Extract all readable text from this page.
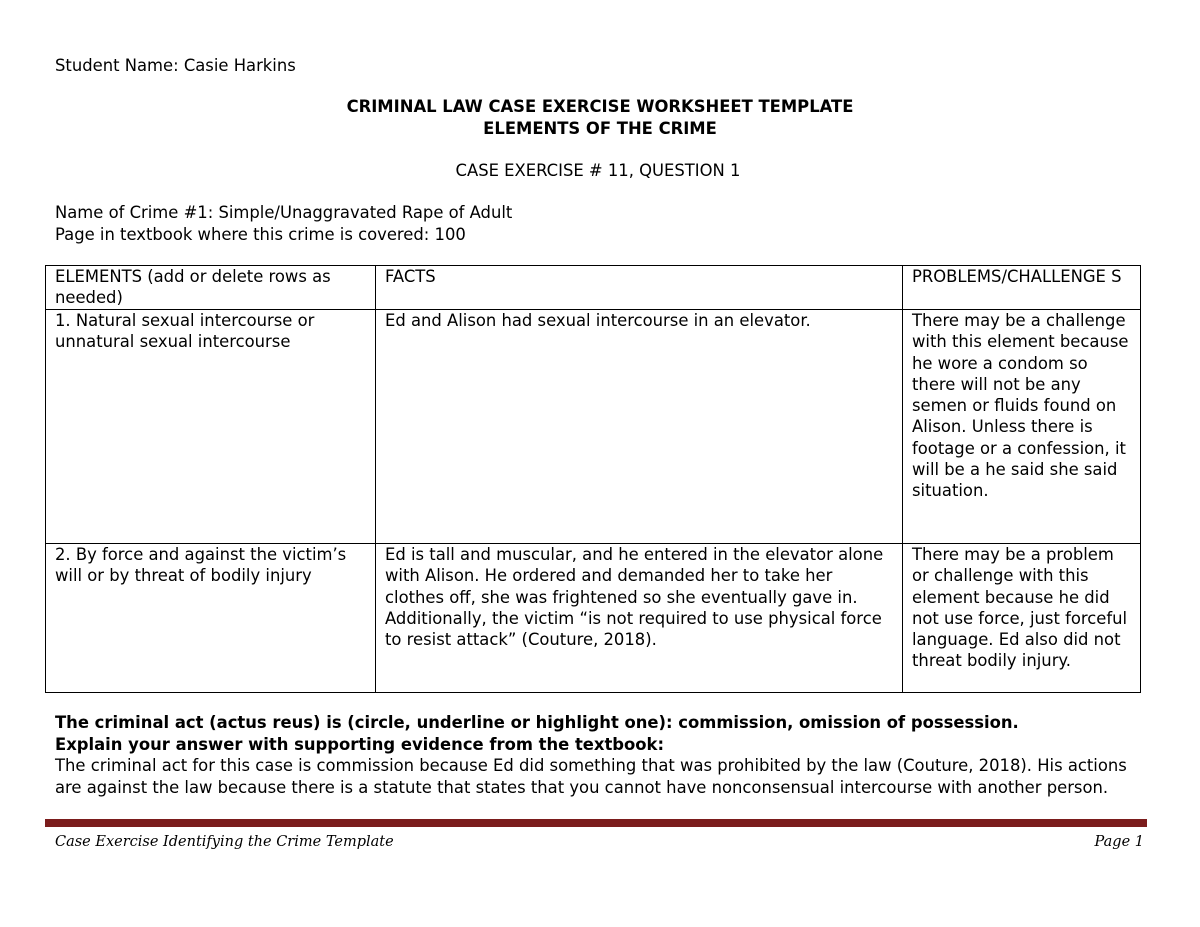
Student Name: Casie Harkins
CRIMINAL LAW CASE EXERCISE WORKSHEET TEMPLATE
ELEMENTS OF THE CRIME
CASE EXERCISE # 11, QUESTION 1
Name of Crime #1: Simple/Unaggravated Rape of Adult
Page in textbook where this crime is covered: 100
ELEMENTS (add or delete rows as needed)	FACTS	PROBLEMS/CHALLENGE S
1. Natural sexual intercourse or unnatural sexual intercourse	Ed and Alison had sexual intercourse in an elevator.	There may be a challenge with this element because he wore a condom so there will not be any semen or fluids found on Alison. Unless there is footage or a confession, it will be a he said she said situation.
2. By force and against the victim’s will or by threat of bodily injury	Ed is tall and muscular, and he entered in the elevator alone with Alison. He ordered and demanded her to take her clothes off, she was frightened so she eventually gave in. Additionally, the victim “is not required to use physical force to resist attack” (Couture, 2018).	There may be a problem or challenge with this element because he did not use force, just forceful language. Ed also did not threat bodily injury.
The criminal act (actus reus) is (circle, underline or highlight one): commission, omission of possession.
Explain your answer with supporting evidence from the textbook:
The criminal act for this case is commission because Ed did something that was prohibited by the law (Couture, 2018). His actions are against the law because there is a statute that states that you cannot have nonconsensual intercourse with another person.
Case Exercise Identifying the Crime Template	Page 1
